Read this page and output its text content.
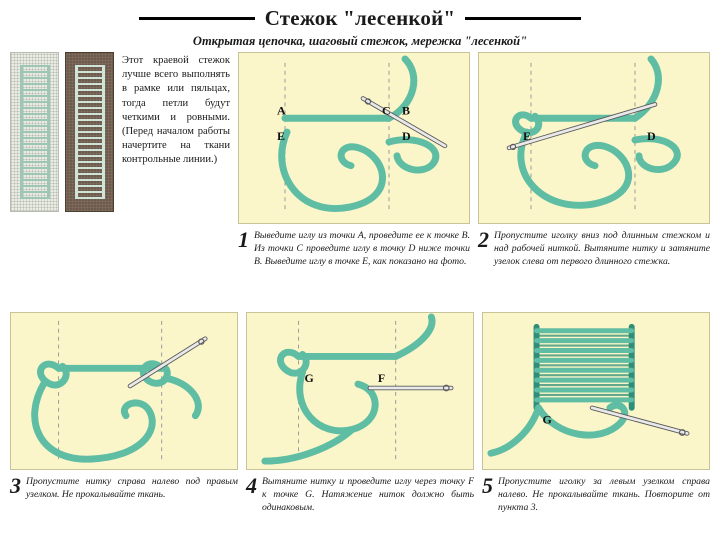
Стежок "лесенкой"
Открытая цепочка, шаговый стежок, мережка "лесенкой"
Этот краевой стежок лучше всего выполнять в рамке или пяльцах, тогда петли будут четкими и ровными. (Перед началом работы начертите на ткани контрольные линии.)
A	C B
D
E
1 Выведите иглу из точки A, проведите ее к точке B. Из точки C проведите иглу в точку D ниже точки B. Выведите иглу в точке E, как показано на фото.
E	D
2 Пропустите иголку вниз под длинным стежком и над рабочей ниткой. Вытяните нитку и затяните узелок слева от первого длинного стежка.
3 Пропустите нитку справа налево под правым узелком. Не прокалывайте ткань.
G	F
4 Вытяните нитку и проведите иглу через точку F к точке G. Натяжение ниток должно быть одинаковым.
G
5 Пропустите иголку за левым узелком справа налево. Не прокалывайте ткань. Повторите от пункта 3.
